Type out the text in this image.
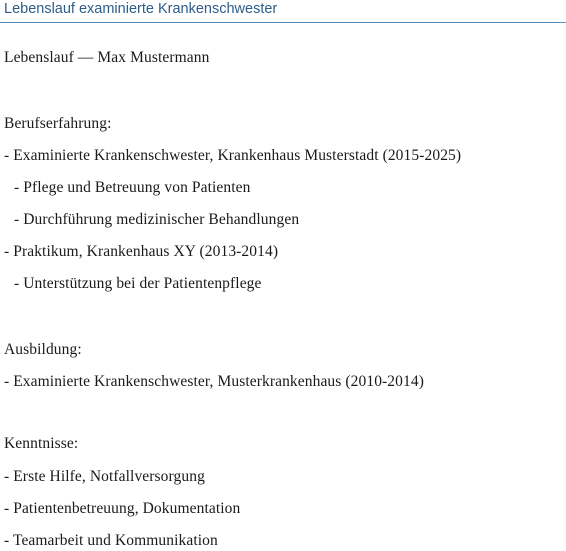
Lebenslauf examinierte Krankenschwester
Lebenslauf — Max Mustermann
Berufserfahrung:
- Examinierte Krankenschwester, Krankenhaus Musterstadt (2015-2025)
- Pflege und Betreuung von Patienten
- Durchführung medizinischer Behandlungen
- Praktikum, Krankenhaus XY (2013-2014)
- Unterstützung bei der Patientenpflege
Ausbildung:
- Examinierte Krankenschwester, Musterkrankenhaus (2010-2014)
Kenntnisse:
- Erste Hilfe, Notfallversorgung
- Patientenbetreuung, Dokumentation
- Teamarbeit und Kommunikation
